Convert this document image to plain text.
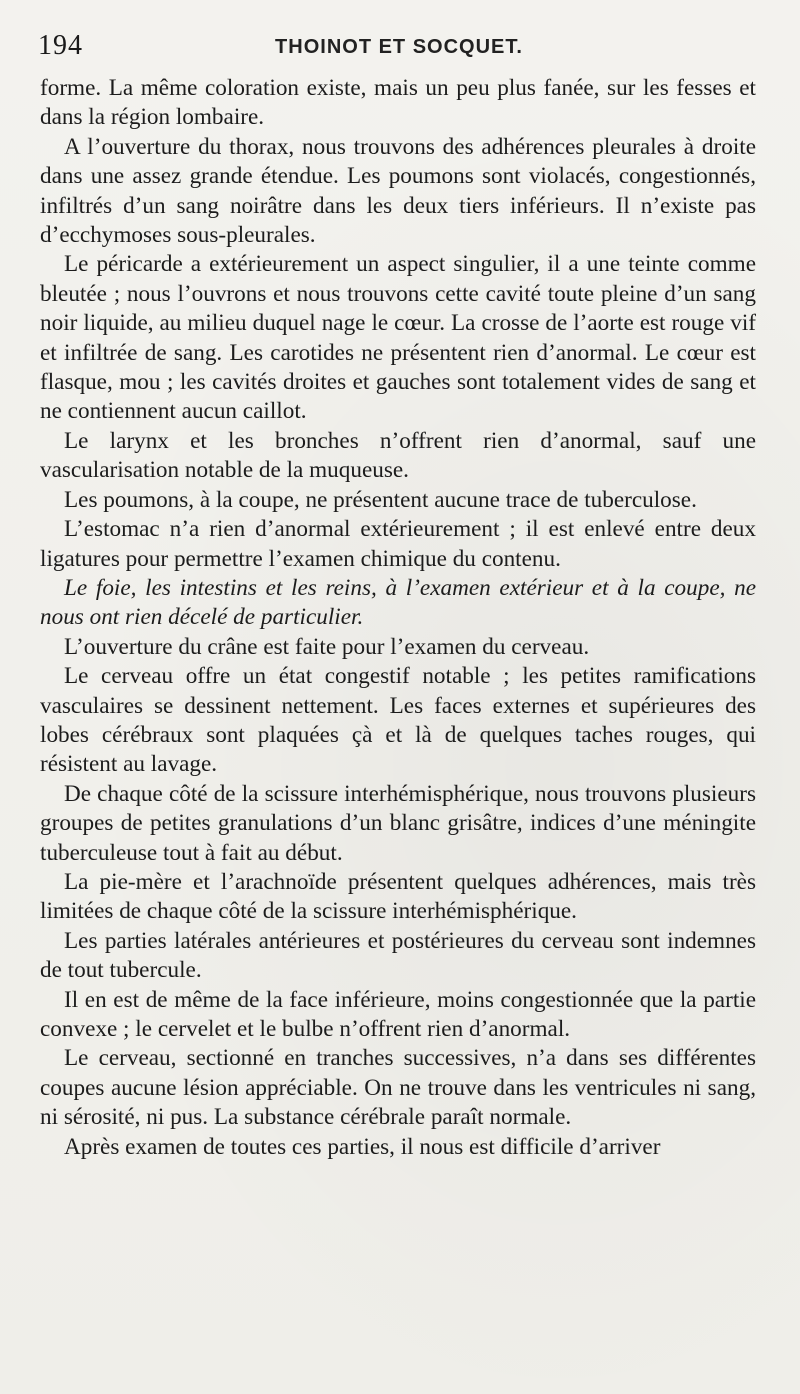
194	THOINOT ET SOCQUET.

forme. La même coloration existe, mais un peu plus fanée, sur les fesses et dans la région lombaire.

A l’ouverture du thorax, nous trouvons des adhérences pleurales à droite dans une assez grande étendue. Les poumons sont violacés, congestionnés, infiltrés d’un sang noirâtre dans les deux tiers inférieurs. Il n’existe pas d’ecchymoses sous-pleurales.

Le péricarde a extérieurement un aspect singulier, il a une teinte comme bleutée ; nous l’ouvrons et nous trouvons cette cavité toute pleine d’un sang noir liquide, au milieu duquel nage le cœur. La crosse de l’aorte est rouge vif et infiltrée de sang. Les carotides ne présentent rien d’anormal. Le cœur est flasque, mou ; les cavités droites et gauches sont totalement vides de sang et ne contiennent aucun caillot.

Le larynx et les bronches n’offrent rien d’anormal, sauf une vascularisation notable de la muqueuse.

Les poumons, à la coupe, ne présentent aucune trace de tuberculose.

L’estomac n’a rien d’anormal extérieurement ; il est enlevé entre deux ligatures pour permettre l’examen chimique du contenu.

Le foie, les intestins et les reins, à l’examen extérieur et à la coupe, ne nous ont rien décelé de particulier.

L’ouverture du crâne est faite pour l’examen du cerveau.

Le cerveau offre un état congestif notable ; les petites ramifications vasculaires se dessinent nettement. Les faces externes et supérieures des lobes cérébraux sont plaquées çà et là de quelques taches rouges, qui résistent au lavage.

De chaque côté de la scissure interhémisphérique, nous trouvons plusieurs groupes de petites granulations d’un blanc grisâtre, indices d’une méningite tuberculeuse tout à fait au début.

La pie-mère et l’arachnoïde présentent quelques adhérences, mais très limitées de chaque côté de la scissure interhémisphérique.

Les parties latérales antérieures et postérieures du cerveau sont indemnes de tout tubercule.

Il en est de même de la face inférieure, moins congestionnée que la partie convexe ; le cervelet et le bulbe n’offrent rien d’anormal.

Le cerveau, sectionné en tranches successives, n’a dans ses différentes coupes aucune lésion appréciable. On ne trouve dans les ventricules ni sang, ni sérosité, ni pus. La substance cérébrale paraît normale.

Après examen de toutes ces parties, il nous est difficile d’arriver
